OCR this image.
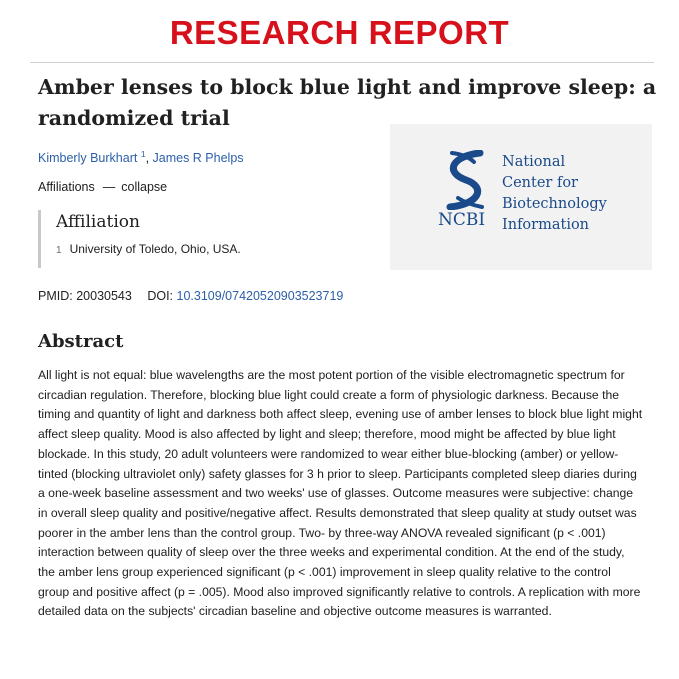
RESEARCH REPORT
Amber lenses to block blue light and improve sleep: a randomized trial
Kimberly Burkhart $^1$, James R Phelps
Affiliations — collapse
Affiliation
1 University of Toledo, Ohio, USA.
PMID: 20030543 DOI: 10.3109/07420520903523719
NCBI
National
Center for
Biotechnology
Information
Abstract

All light is not equal: blue wavelengths are the most potent portion of the visible electromagnetic spectrum for circadian regulation. Therefore, blocking blue light could create a form of physiologic darkness. Because the timing and quantity of light and darkness both affect sleep, evening use of amber lenses to block blue light might affect sleep quality. Mood is also affected by light and sleep; therefore, mood might be affected by blue light blockade. In this study, 20 adult volunteers were randomized to wear either blue-blocking (amber) or yellow-tinted (blocking ultraviolet only) safety glasses for 3 h prior to sleep. Participants completed sleep diaries during a one-week baseline assessment and two weeks' use of glasses. Outcome measures were subjective: change in overall sleep quality and positive/negative affect. Results demonstrated that sleep quality at study outset was poorer in the amber lens than the control group. Two- by three-way ANOVA revealed significant (p < .001) interaction between quality of sleep over the three weeks and experimental condition. At the end of the study, the amber lens group experienced significant (p < .001) improvement in sleep quality relative to the control group and positive affect (p = .005). Mood also improved significantly relative to controls. A replication with more detailed data on the subjects' circadian baseline and objective outcome measures is warranted.
